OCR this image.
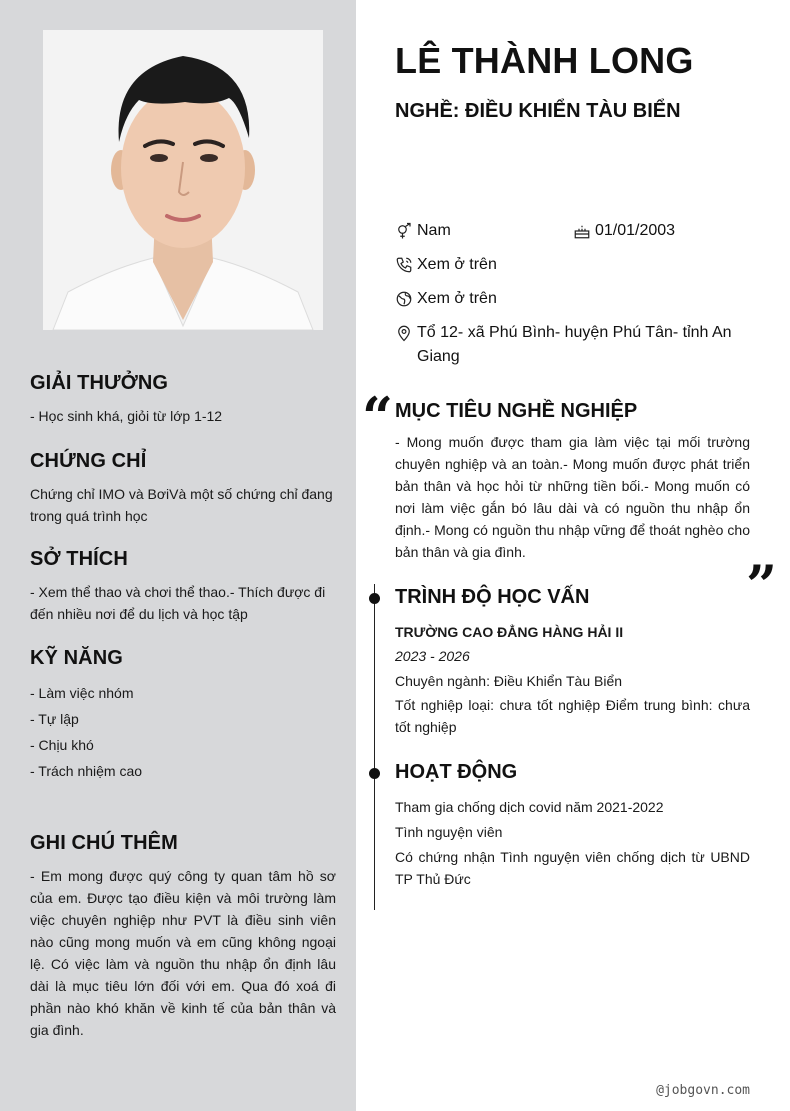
GIẢI THƯỞNG
- Học sinh khá, giỏi từ lớp 1-12
CHỨNG CHỈ
Chứng chỉ IMO và BơiVà một số chứng chỉ đang trong quá trình học
SỞ THÍCH
- Xem thể thao và chơi thể thao.- Thích được đi đến nhiều nơi để du lịch và học tập
KỸ NĂNG
- Làm việc nhóm
- Tự lập
- Chịu khó
- Trách nhiệm cao
GHI CHÚ THÊM
- Em mong được quý công ty quan tâm hồ sơ của em. Được tạo điều kiện và môi trường làm việc chuyên nghiệp như PVT là điều sinh viên nào cũng mong muốn và em cũng không ngoại lệ. Có việc làm và nguồn thu nhập ổn định lâu dài là mục tiêu lớn đối với em. Qua đó xoá đi phần nào khó khăn về kinh tế của bản thân và gia đình.
LÊ THÀNH LONG
NGHỀ: ĐIỀU KHIỂN TÀU BIỂN
Nam	01/01/2003
Xem ở trên
Xem ở trên
Tổ 12- xã Phú Bình- huyện Phú Tân- tỉnh An Giang
“ MỤC TIÊU NGHỀ NGHIỆP
- Mong muốn được tham gia làm việc tại mối trường chuyên nghiệp và an toàn.- Mong muốn được phát triển bản thân và học hỏi từ những tiền bối.- Mong muốn có nơi làm việc gắn bó lâu dài và có nguồn thu nhập ổn định.- Mong có nguồn thu nhập vững để thoát nghèo cho bản thân và gia đình.
”
TRÌNH ĐỘ HỌC VẤN
TRƯỜNG CAO ĐẲNG HÀNG HẢI II
2023 - 2026
Chuyên ngành: Điều Khiển Tàu Biển
Tốt nghiệp loại: chưa tốt nghiệp Điểm trung bình: chưa tốt nghiệp
HOẠT ĐỘNG
Tham gia chống dịch covid năm 2021-2022
Tình nguyện viên
Có chứng nhận Tình nguyện viên chống dịch từ UBND TP Thủ Đức
@jobgovn.com
